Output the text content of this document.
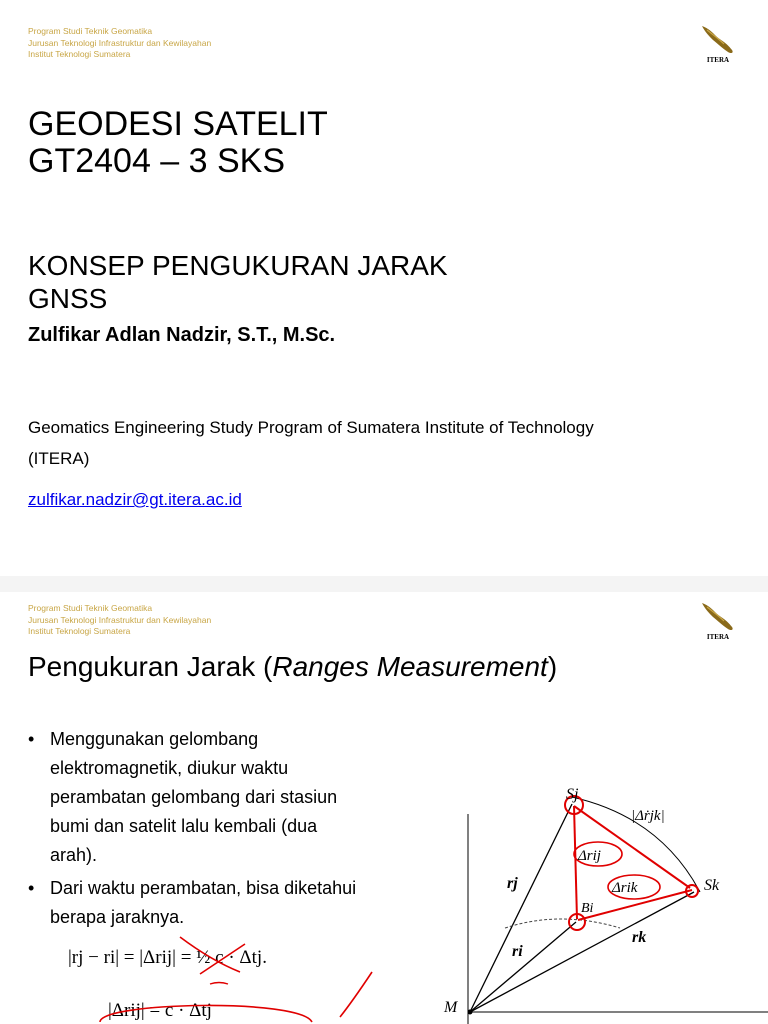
Program Studi Teknik Geomatika
Jurusan Teknologi Infrastruktur dan Kewilayahan
Institut Teknologi Sumatera
ITERA
GEODESI SATELIT
GT2404 – 3 SKS
KONSEP PENGUKURAN JARAK
GNSS
Zulfikar Adlan Nadzir, S.T., M.Sc.
Geomatics Engineering Study Program of Sumatera Institute of Technology
(ITERA)
zulfikar.nadzir@gt.itera.ac.id
Program Studi Teknik Geomatika
Jurusan Teknologi Infrastruktur dan Kewilayahan
Institut Teknologi Sumatera
ITERA
Pengukuran Jarak (Ranges Measurement)
• Menggunakan gelombang elektromagnetik, diukur waktu perambatan gelombang dari stasiun bumi dan satelit lalu kembali (dua arah).
• Dari waktu perambatan, bisa diketahui berapa jaraknya.
|rj − ri| = |Δrij| = ½ c · Δtj.
|Δrij| = c · Δtj
Sj
Sk
Bi
M
rj
ri
rk
Δrij
Δrik
|Δṙjk|
